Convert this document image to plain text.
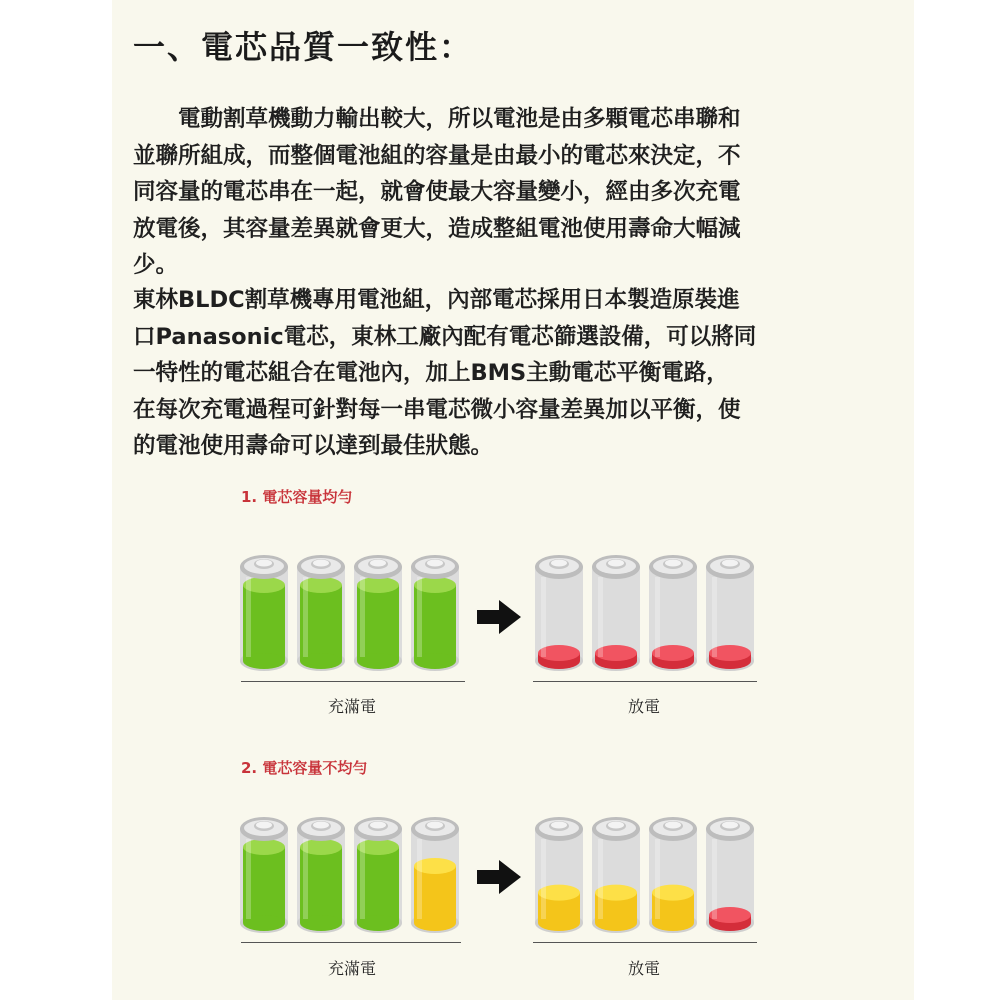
一、電芯品質一致性：

　　電動割草機動力輸出較大，所以電池是由多顆電芯串聯和
並聯所組成，而整個電池組的容量是由最小的電芯來決定，不
同容量的電芯串在一起，就會使最大容量變小，經由多次充電
放電後，其容量差異就會更大，造成整組電池使用壽命大幅減
少。

東林BLDC割草機專用電池組，內部電芯採用日本製造原裝進
口Panasonic電芯，東林工廠內配有電芯篩選設備，可以將同
一特性的電芯組合在電池內，加上BMS主動電芯平衡電路，
在每次充電過程可針對每一串電芯微小容量差異加以平衡，使
的電池使用壽命可以達到最佳狀態。

1. 電芯容量均勻
2. 電芯容量不均勻
充滿電	放電
充滿電	放電
